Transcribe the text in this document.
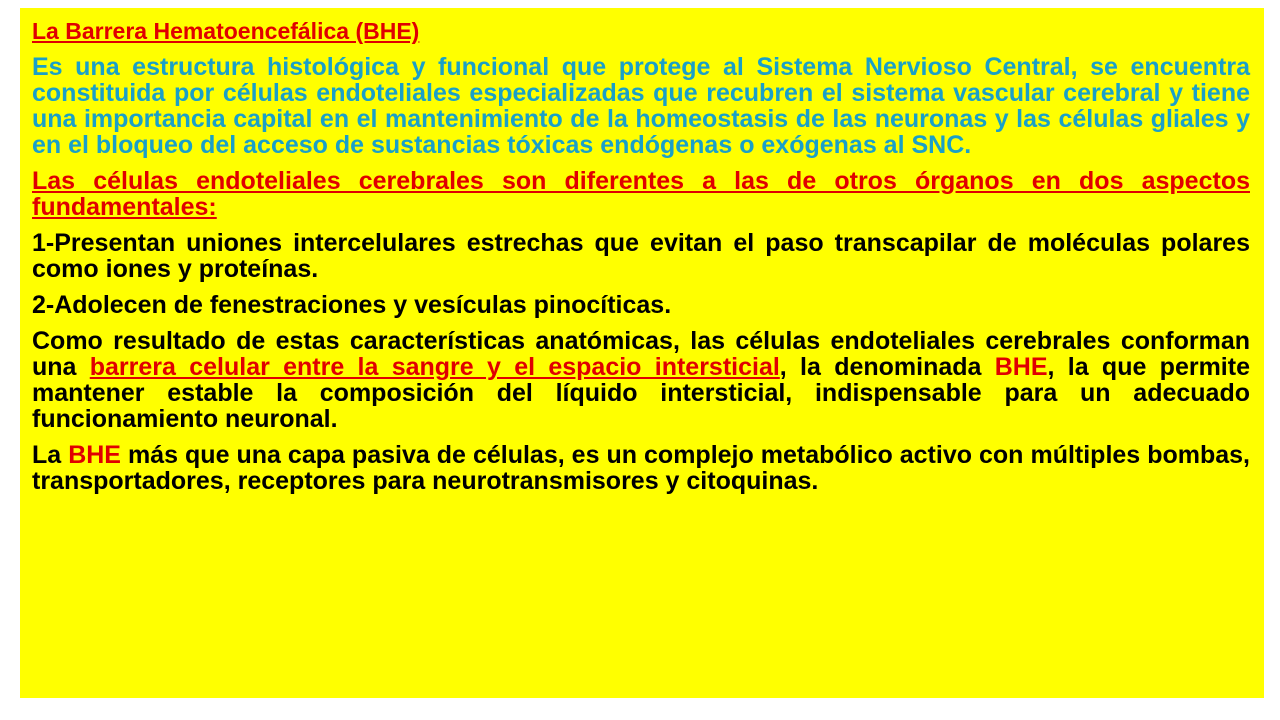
La Barrera Hematoencefálica (BHE)

Es una estructura histológica y funcional que protege al Sistema Nervioso Central, se encuentra constituida por células endoteliales especializadas que recubren el sistema vascular cerebral y tiene una importancia capital en el mantenimiento de la homeostasis de las neuronas y las células gliales y en el bloqueo del acceso de sustancias tóxicas endógenas o exógenas al SNC.

Las células endoteliales cerebrales son diferentes a las de otros órganos en dos aspectos fundamentales:

1-Presentan uniones intercelulares estrechas que evitan el paso transcapilar de moléculas polares como iones y proteínas.

2-Adolecen de fenestraciones y vesículas pinocíticas.

Como resultado de estas características anatómicas, las células endoteliales cerebrales conforman una barrera celular entre la sangre y el espacio intersticial, la denominada BHE, la que permite mantener estable la composición del líquido intersticial, indispensable para un adecuado funcionamiento neuronal.

La BHE más que una capa pasiva de células, es un complejo metabólico activo con múltiples bombas, transportadores, receptores para neurotransmisores y citoquinas.
